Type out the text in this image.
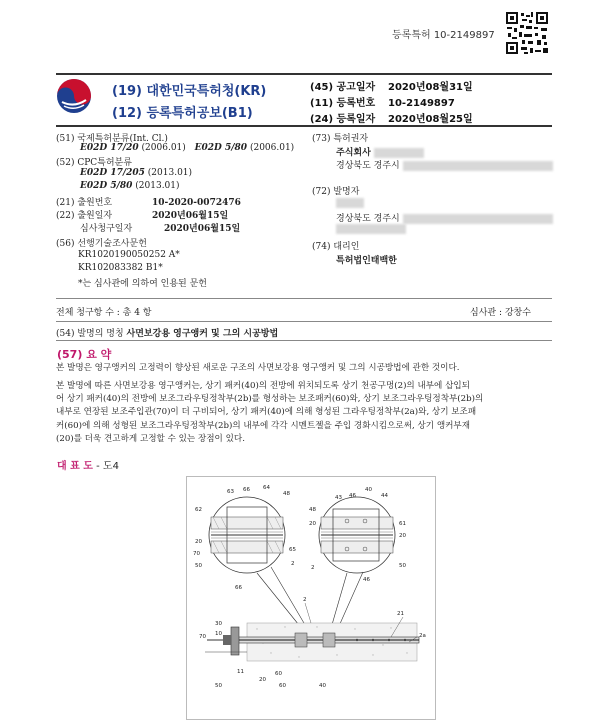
등록특허 10-2149897
(19) 대한민국특허청(KR)
(12) 등록특허공보(B1)
(45) 공고일자 2020년08월31일
(11) 등록번호 10-2149897
(24) 등록일자 2020년08월25일
(51) 국제특허분류(Int. Cl.)
E02D 17/20 (2006.01) E02D 5/80 (2006.01)
(52) CPC특허분류
E02D 17/205 (2013.01)
E02D 5/80 (2013.01)
(21) 출원번호	10-2020-0072476
(22) 출원일자	2020년06월15일
심사청구일자	2020년06월15일
(56) 선행기술조사문헌
KR1020190050252 A*
KR102083382 B1*
*는 심사관에 의하여 인용된 문헌
(73) 특허권자
주식회사
경상북도 경주시
(72) 발명자
경상북도 경주시
(74) 대리인
특허법인태백한
전체 청구항 수 : 총 4 항	심사관 : 강창수
(54) 발명의 명칭 사면보강용 영구앵커 및 그의 시공방법
(57) 요 약
본 발명은 영구앵커의 고정력이 향상된 새로운 구조의 사면보강용 영구앵커 및 그의 시공방법에 관한 것이다.
본 발명에 따른 사면보강용 영구앵커는, 상기 패커(40)의 전방에 위치되도록 상기 천공구멍(2)의 내부에 삽입되
어 상기 패커(40)의 전방에 보조그라우팅정착부(2b)를 형성하는 보조패커(60)와, 상기 보조그라우팅정착부(2b)의
내부로 연장된 보조주입관(70)이 더 구비되어, 상기 패커(40)에 의해 형성된 그라우팅정착부(2a)와, 상기 보조패
커(60)에 의해 성형된 보조그라우팅정착부(2b)의 내부에 각각 시멘트젤을 주입 경화시킴으로써, 상기 앵커부재
(20)를 더욱 견고하게 고정할 수 있는 장점이 있다.
대 표 도 - 도4
63 66 64
48
62
20
70
50
65
2
66
43 46
40
44
48
20	61
20
2	50
46
30
70 10
11	60
20
60
2
21
2a
50	40
